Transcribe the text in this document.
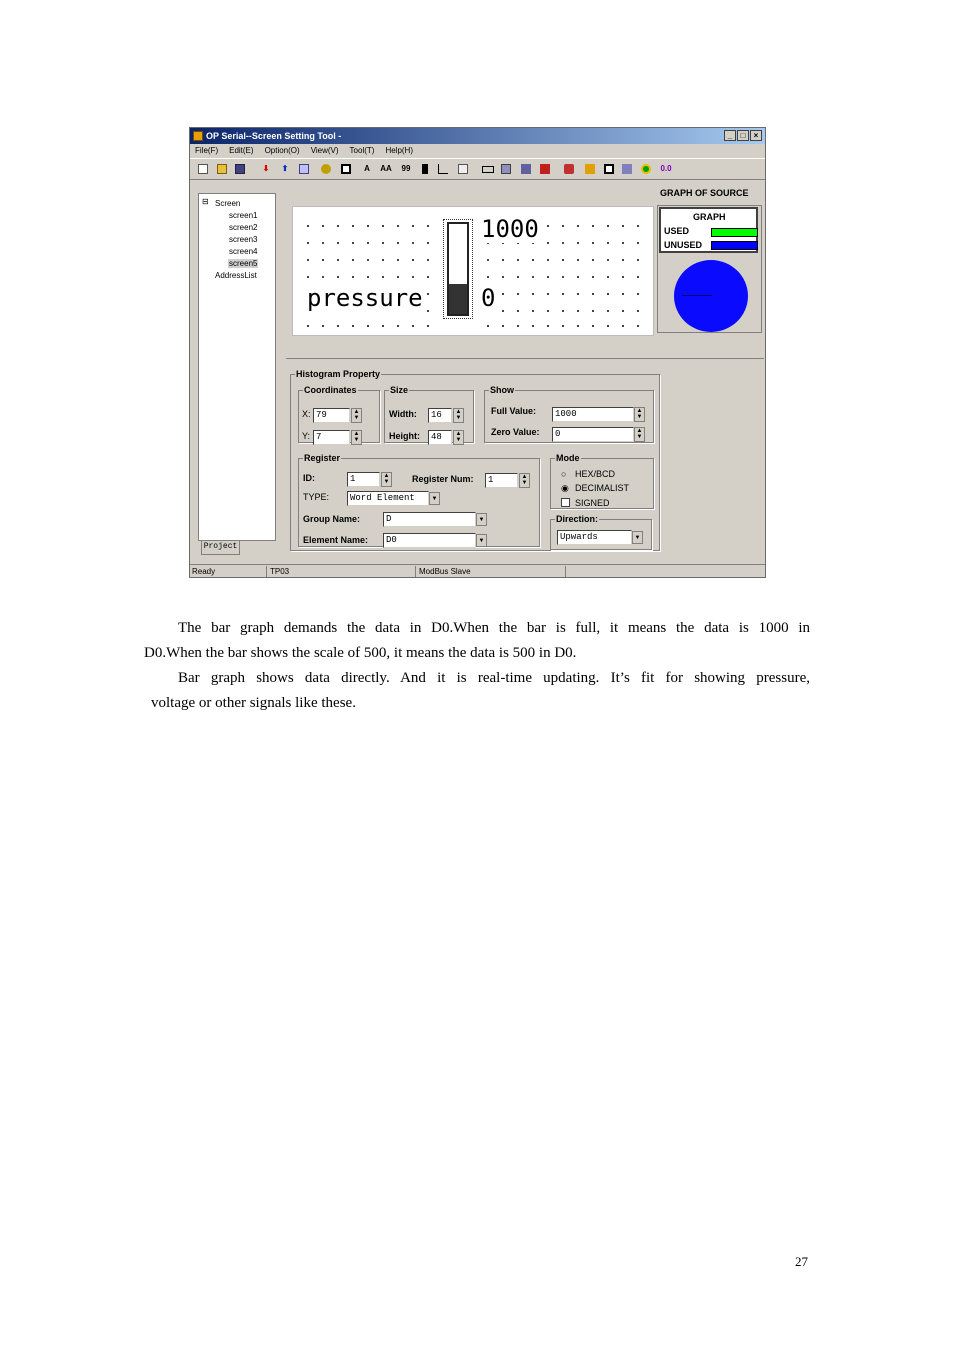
OP Serial--Screen Setting Tool -	_	□	×
File(F) Edit(E) Option(O) View(V) Tool(T) Help(H)
⬇ ⬆	A AA	99	0.0
⊟ Screen
screen1
screen2
screen3
screen4
screen5
AddressList
Project
1000
0
pressure
GRAPH OF SOURCE
GRAPH
USED
UNUSED
Histogram Property
Coordinates
X: 79	▲
▼
Y: 7	▲
▼
Size
Width:	16	▲
▼
Height:	48	▲
▼
Show
Full Value:	1000	▲
▼
Zero Value:	0	▲
▼
Register
ID:	1	▲
▼	Register Num:	1	▲
▼
TYPE:	Word Element	▼
Group Name:	D	▼
Element Name:	D0	▼
Mode
○ HEX/BCD
◉ DECIMALIST
SIGNED
Direction:
Upwards	▼
Ready	TP03	ModBus Slave
The bar graph demands the data in D0.When the bar is full, it means the data is 1000 in
D0.When the bar shows the scale of 500, it means the data is 500 in D0.
Bar graph shows data directly. And it is real-time updating. It’s fit for showing pressure,
voltage or other signals like these.
27
